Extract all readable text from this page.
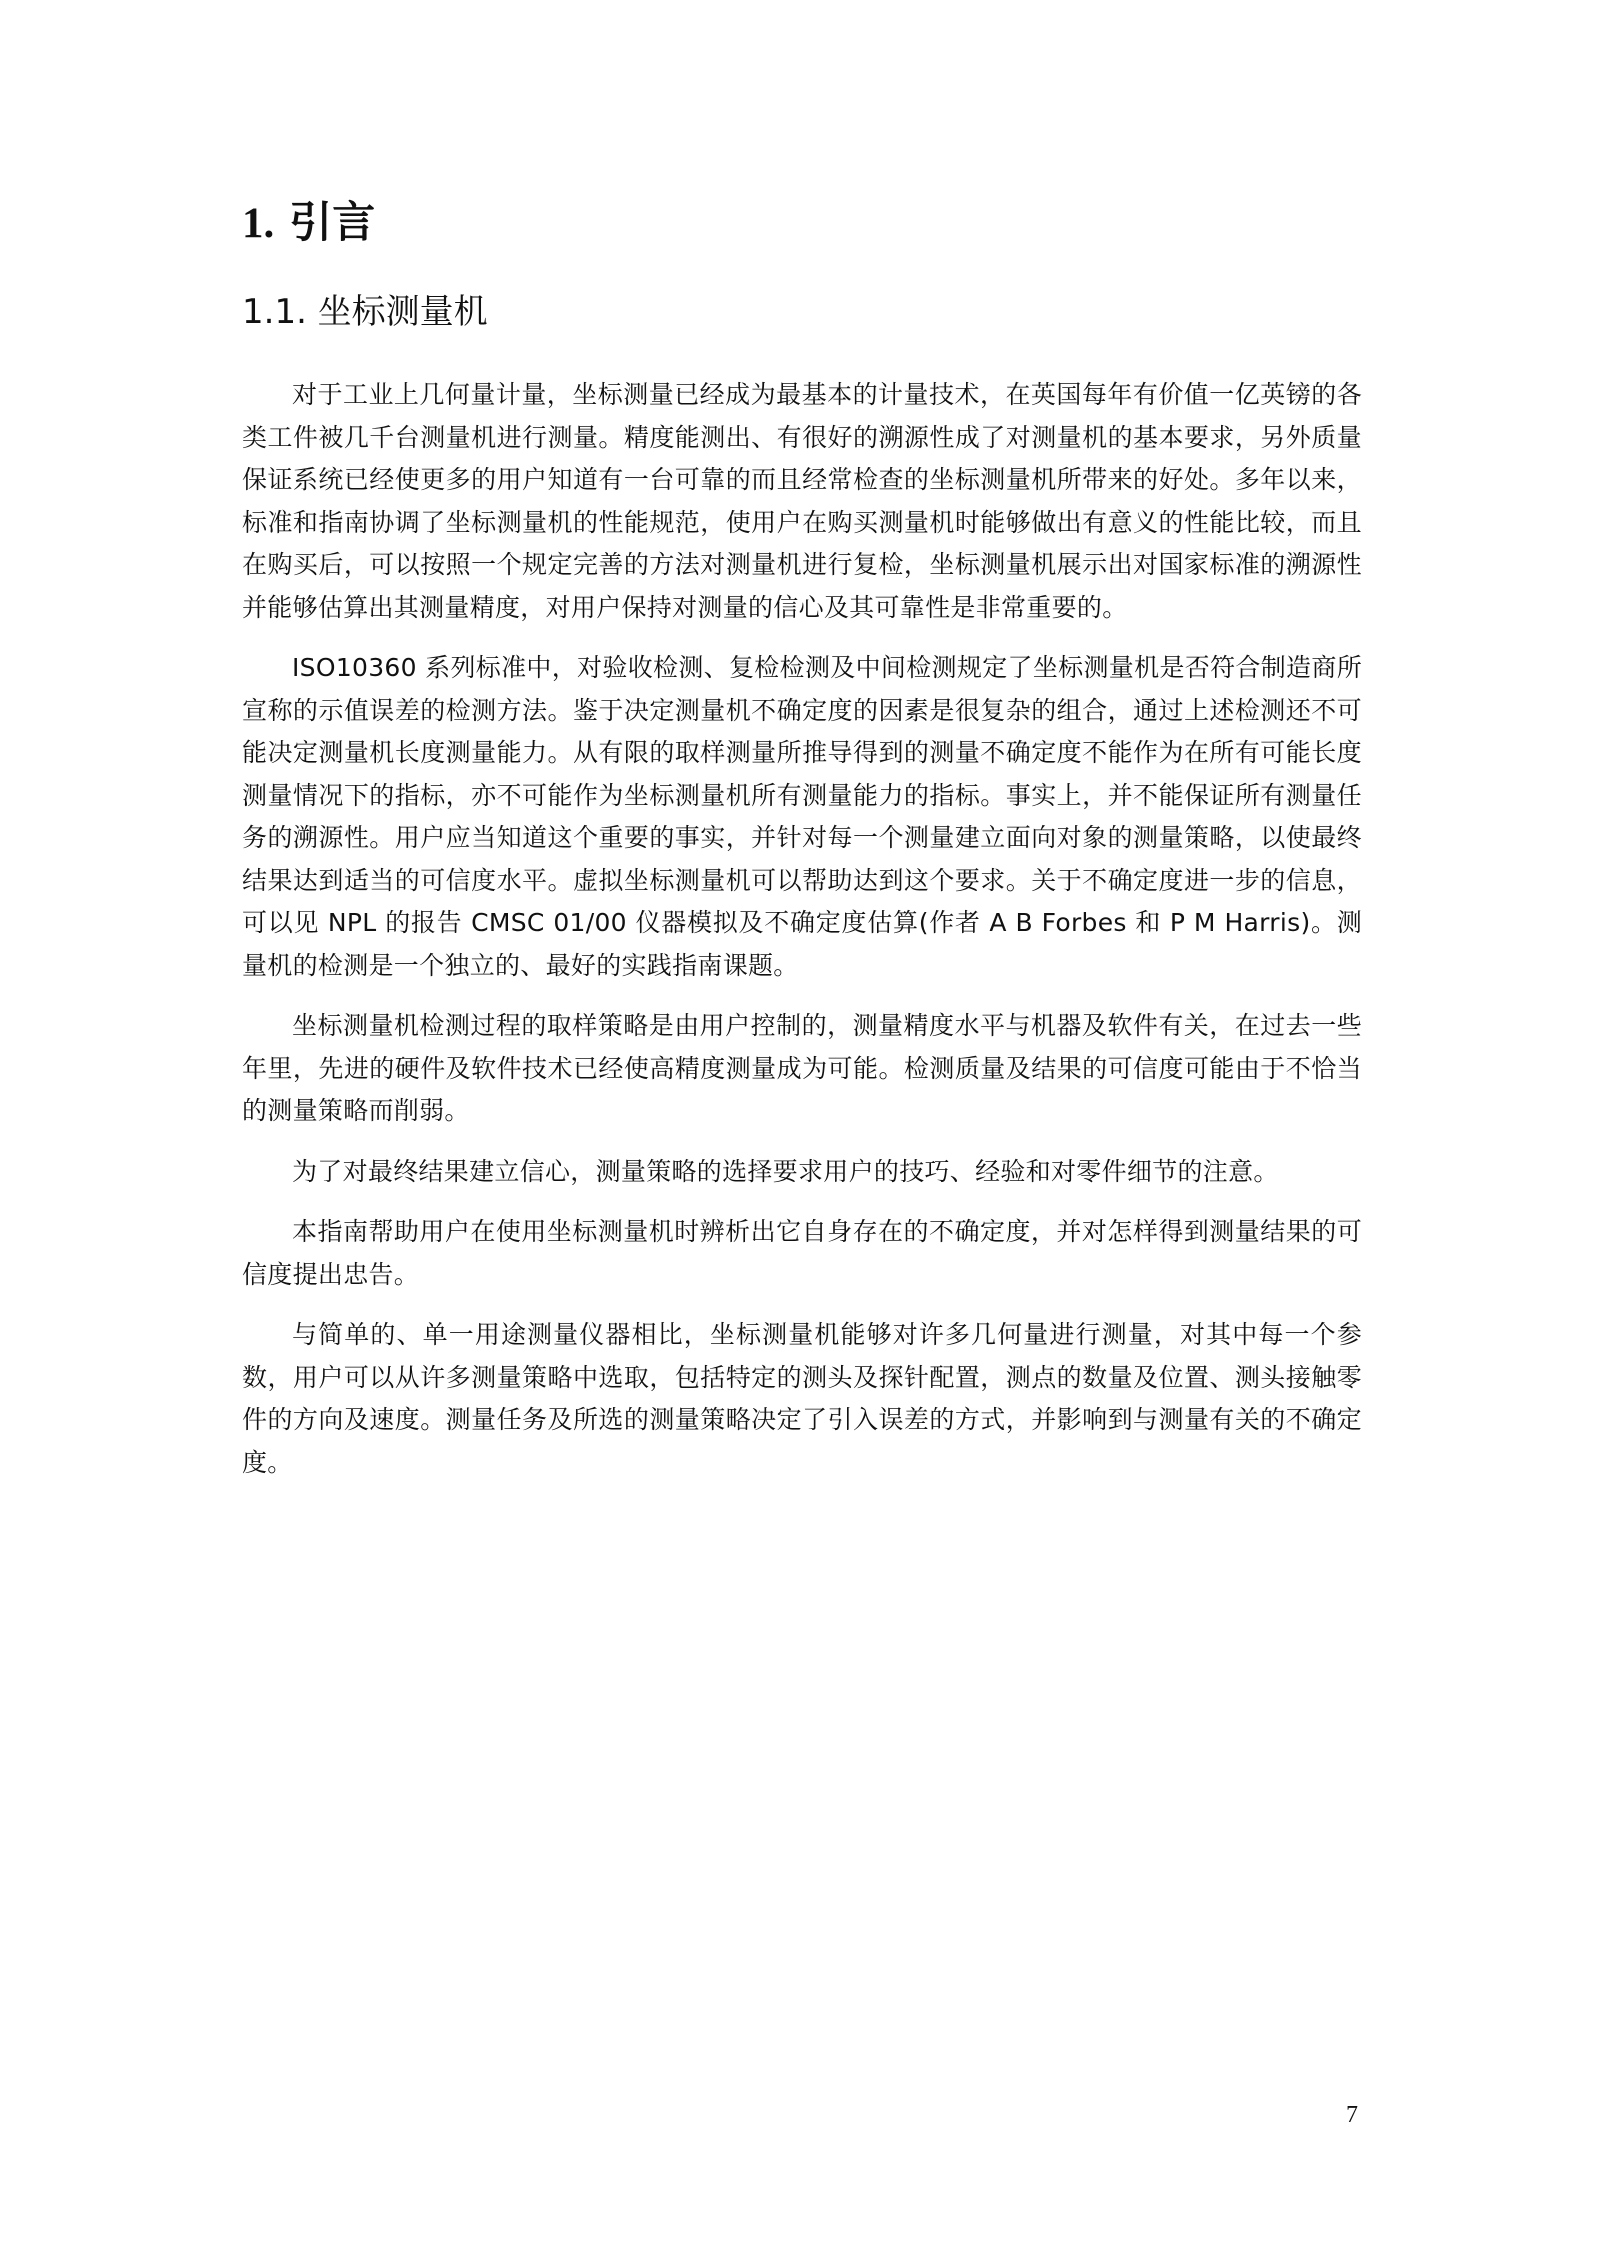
1. 引言
1.1. 坐标测量机

对于工业上几何量计量，坐标测量已经成为最基本的计量技术，在英国每年有价值一亿英镑的各类工件被几千台测量机进行测量。精度能测出、有很好的溯源性成了对测量机的基本要求，另外质量保证系统已经使更多的用户知道有一台可靠的而且经常检查的坐标测量机所带来的好处。多年以来，标准和指南协调了坐标测量机的性能规范，使用户在购买测量机时能够做出有意义的性能比较，而且在购买后，可以按照一个规定完善的方法对测量机进行复检，坐标测量机展示出对国家标准的溯源性并能够估算出其测量精度，对用户保持对测量的信心及其可靠性是非常重要的。

ISO10360 系列标准中，对验收检测、复检检测及中间检测规定了坐标测量机是否符合制造商所宣称的示值误差的检测方法。鉴于决定测量机不确定度的因素是很复杂的组合，通过上述检测还不可能决定测量机长度测量能力。从有限的取样测量所推导得到的测量不确定度不能作为在所有可能长度测量情况下的指标，亦不可能作为坐标测量机所有测量能力的指标。事实上，并不能保证所有测量任务的溯源性。用户应当知道这个重要的事实，并针对每一个测量建立面向对象的测量策略，以使最终结果达到适当的可信度水平。虚拟坐标测量机可以帮助达到这个要求。关于不确定度进一步的信息，可以见 NPL 的报告 CMSC 01/00 仪器模拟及不确定度估算(作者 A B Forbes 和 P M Harris)。测量机的检测是一个独立的、最好的实践指南课题。

坐标测量机检测过程的取样策略是由用户控制的，测量精度水平与机器及软件有关，在过去一些年里，先进的硬件及软件技术已经使高精度测量成为可能。检测质量及结果的可信度可能由于不恰当的测量策略而削弱。

为了对最终结果建立信心，测量策略的选择要求用户的技巧、经验和对零件细节的注意。

本指南帮助用户在使用坐标测量机时辨析出它自身存在的不确定度，并对怎样得到测量结果的可信度提出忠告。

与简单的、单一用途测量仪器相比，坐标测量机能够对许多几何量进行测量，对其中每一个参数，用户可以从许多测量策略中选取，包括特定的测头及探针配置，测点的数量及位置、测头接触零件的方向及速度。测量任务及所选的测量策略决定了引入误差的方式，并影响到与测量有关的不确定度。

7
